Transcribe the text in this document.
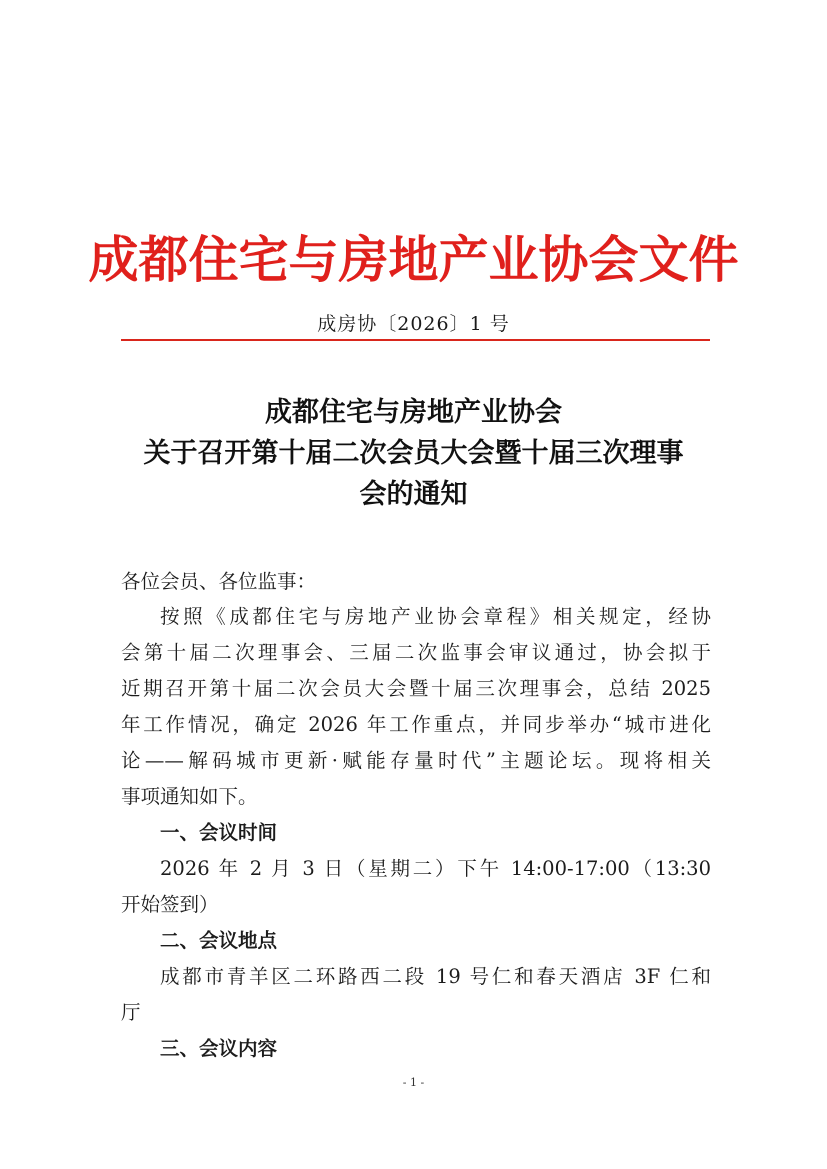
成都住宅与房地产业协会文件
成房协〔2026〕1 号
成都住宅与房地产业协会
关于召开第十届二次会员大会暨十届三次理事
会的通知
各位会员、各位监事：
按照《成都住宅与房地产业协会章程》相关规定，经协
会第十届二次理事会、三届二次监事会审议通过，协会拟于
近期召开第十届二次会员大会暨十届三次理事会，总结 2025
年工作情况，确定 2026 年工作重点，并同步举办“城市进化
论——解码城市更新·赋能存量时代”主题论坛。现将相关
事项通知如下。
一、会议时间
2026 年 2 月 3 日（星期二）下午 14:00-17:00（13:30
开始签到）
二、会议地点
成都市青羊区二环路西二段 19 号仁和春天酒店 3F 仁和
厅
三、会议内容
- 1 -
